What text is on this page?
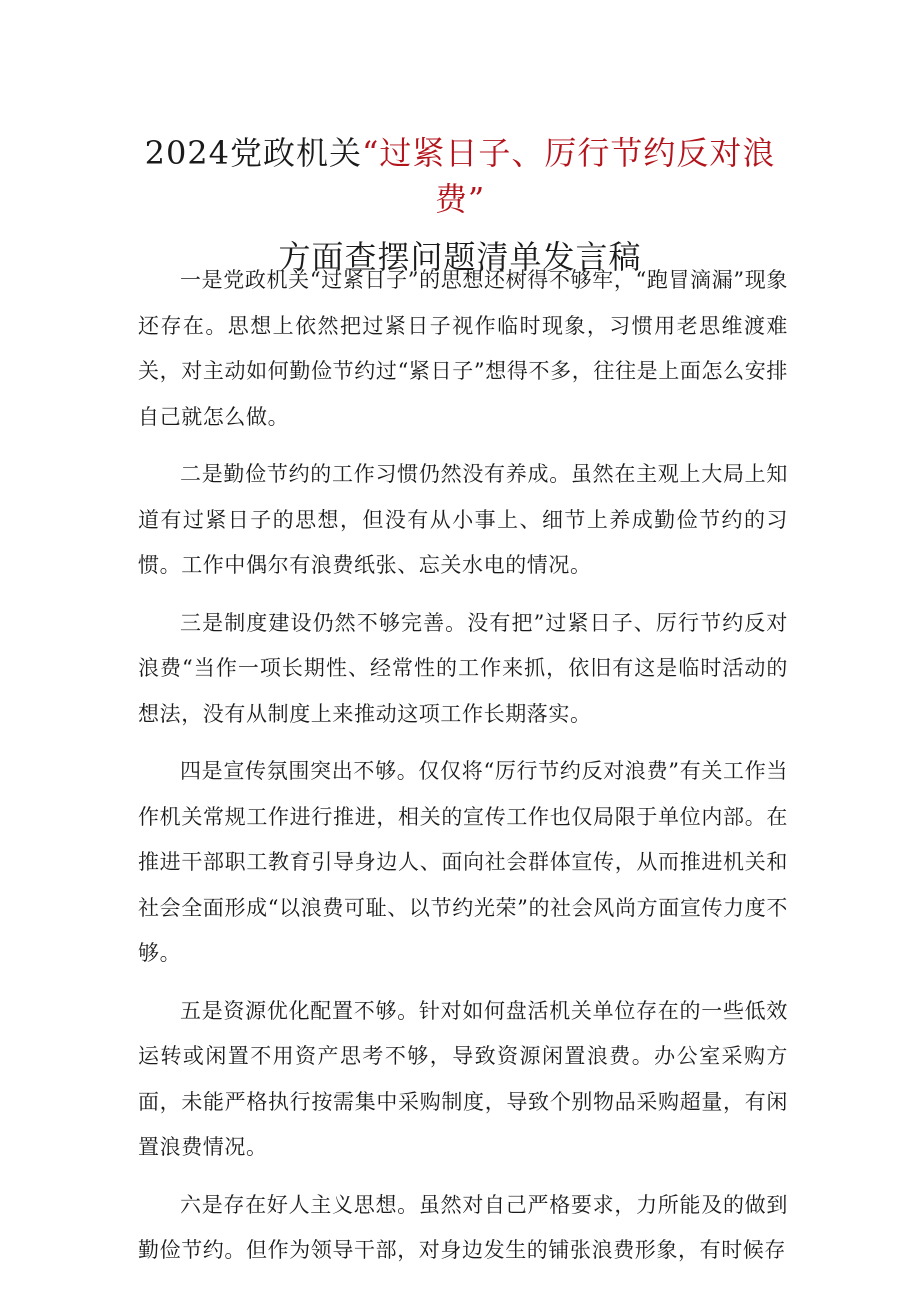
2024党政机关“过紧日子、厉行节约反对浪费”
方面查摆问题清单发言稿

一是党政机关“过紧日子”的思想还树得不够牢，“跑冒滴漏”现象还存在。思想上依然把过紧日子视作临时现象，习惯用老思维渡难关，对主动如何勤俭节约过“紧日子”想得不多，往往是上面怎么安排自己就怎么做。

二是勤俭节约的工作习惯仍然没有养成。虽然在主观上大局上知道有过紧日子的思想，但没有从小事上、细节上养成勤俭节约的习惯。工作中偶尔有浪费纸张、忘关水电的情况。

三是制度建设仍然不够完善。没有把”过紧日子、厉行节约反对浪费“当作一项长期性、经常性的工作来抓，依旧有这是临时活动的想法，没有从制度上来推动这项工作长期落实。

四是宣传氛围突出不够。仅仅将“厉行节约反对浪费”有关工作当作机关常规工作进行推进，相关的宣传工作也仅局限于单位内部。在推进干部职工教育引导身边人、面向社会群体宣传，从而推进机关和社会全面形成“以浪费可耻、以节约光荣”的社会风尚方面宣传力度不够。

五是资源优化配置不够。针对如何盘活机关单位存在的一些低效运转或闲置不用资产思考不够，导致资源闲置浪费。办公室采购方面，未能严格执行按需集中采购制度，导致个别物品采购超量，有闲置浪费情况。

六是存在好人主义思想。虽然对自己严格要求，力所能及的做到勤俭节约。但作为领导干部，对身边发生的铺张浪费形象，有时候存
